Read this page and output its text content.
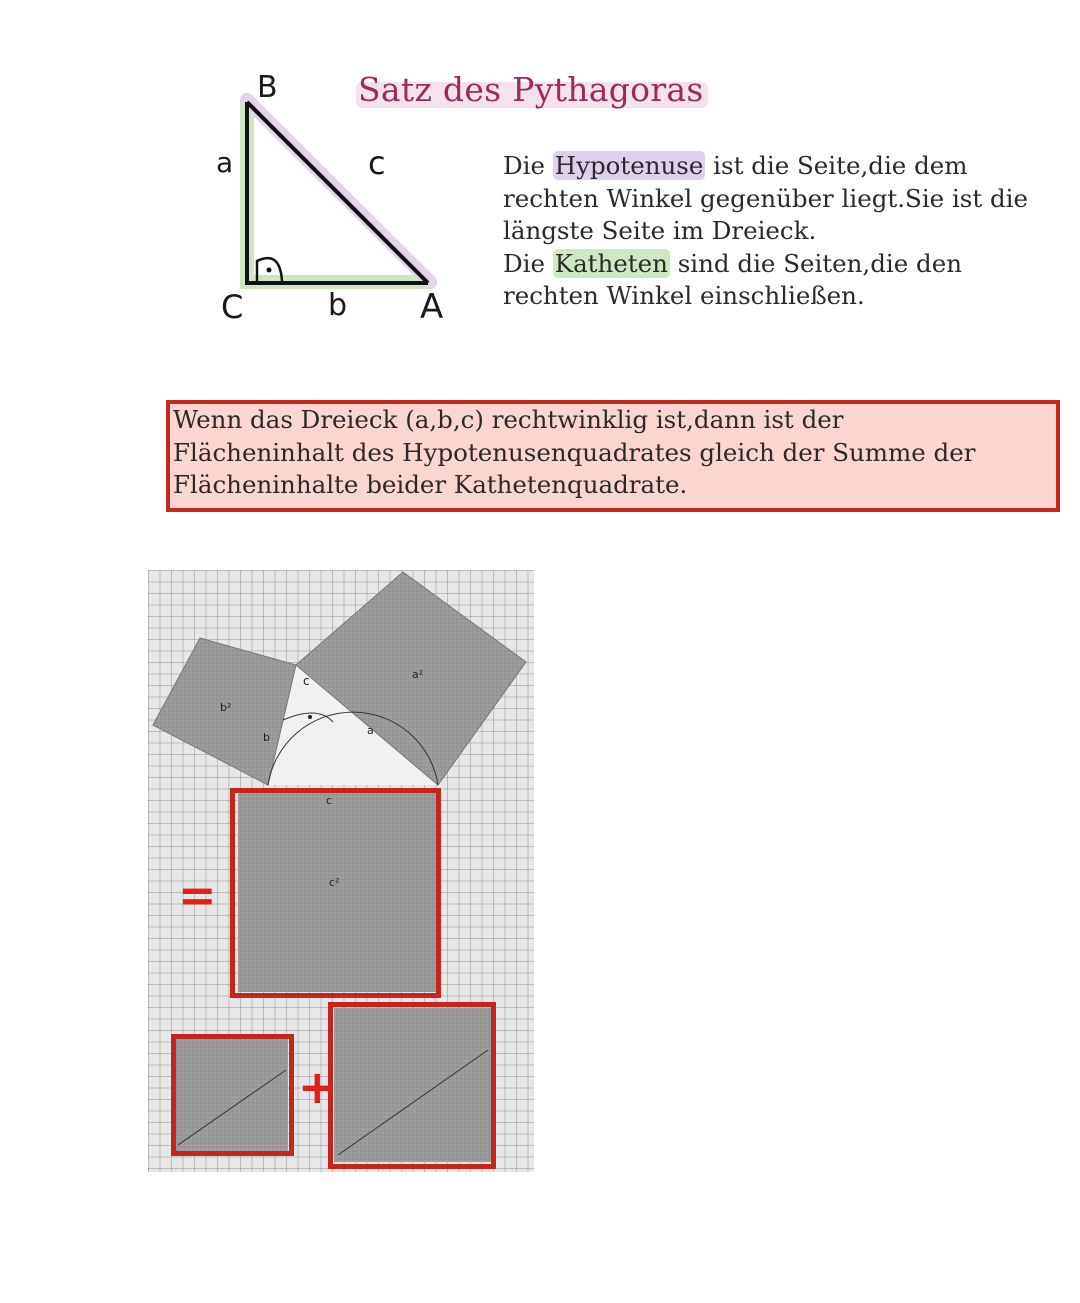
Satz des Pythagoras
B
a	c
C	b A
Die Hypotenuse ist die Seite,die dem
rechten Winkel gegenüber liegt.Sie ist die
längste Seite im Dreieck.
Die Katheten sind die Seiten,die den
rechten Winkel einschließen.
Wenn das Dreieck (a,b,c) rechtwinklig ist,dann ist der
Flächeninhalt des Hypotenusenquadrates gleich der Summe der
Flächeninhalte beider Kathetenquadrate.
c
a
b
a²
b²
c
c²
=
+
